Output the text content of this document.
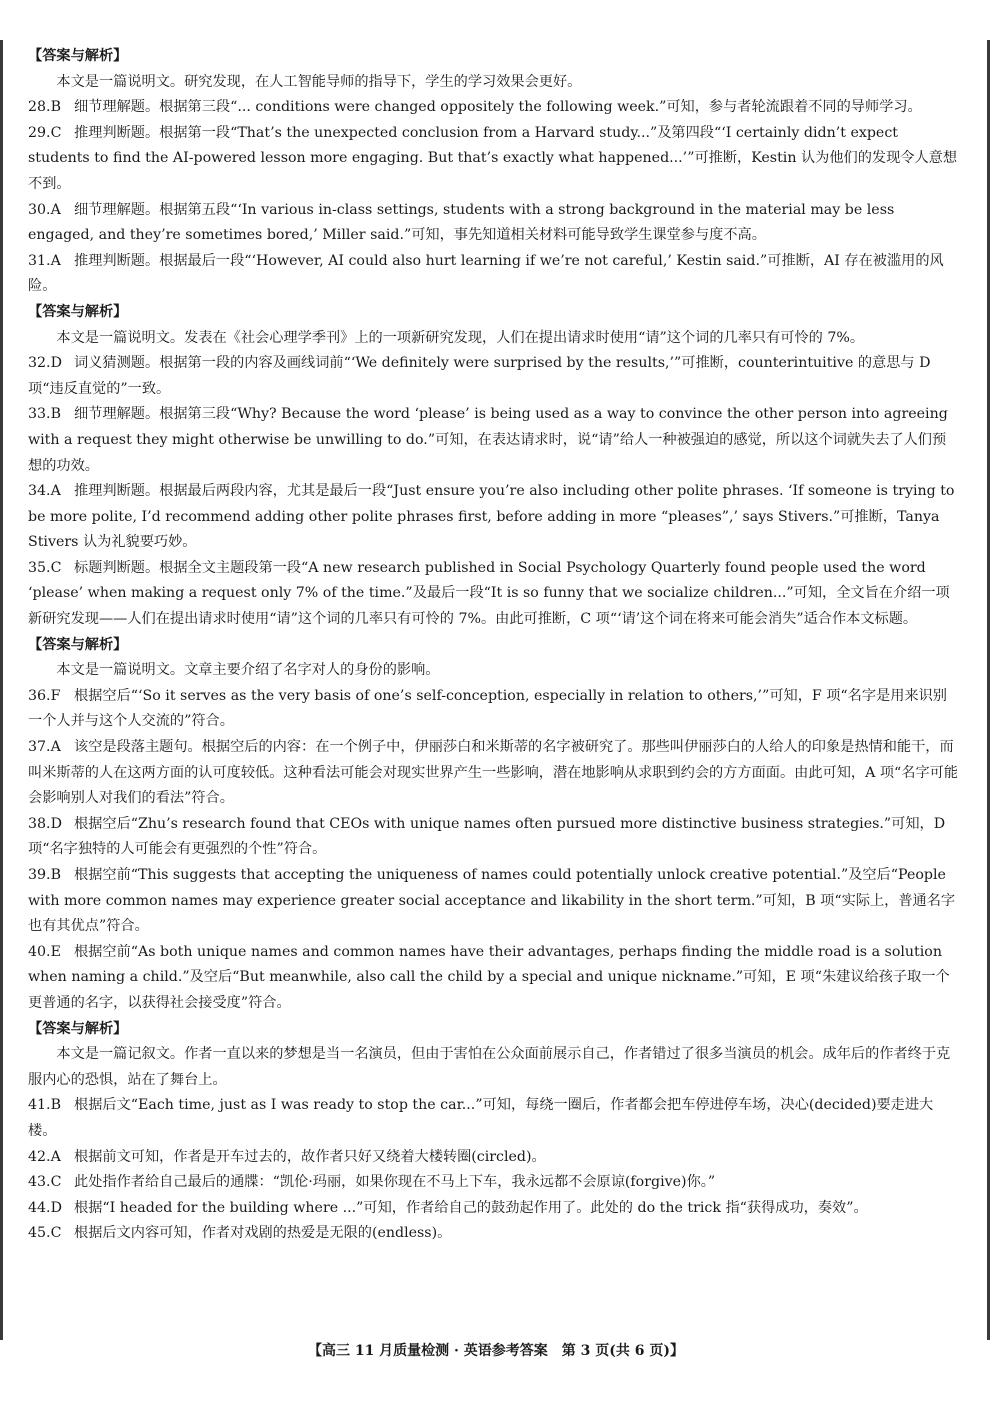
【答案与解析】

本文是一篇说明文。研究发现，在人工智能导师的指导下，学生的学习效果会更好。

28.B 细节理解题。根据第三段“... conditions were changed oppositely the following week.”可知，参与者轮流跟着不同的导师学习。

29.C 推理判断题。根据第一段“That’s the unexpected conclusion from a Harvard study...”及第四段“‘I certainly didn’t expect students to find the AI-powered lesson more engaging. But that’s exactly what happened...’”可推断，Kestin 认为他们的发现令人意想不到。

30.A 细节理解题。根据第五段“‘In various in-class settings, students with a strong background in the material may be less engaged, and they’re sometimes bored,’ Miller said.”可知，事先知道相关材料可能导致学生课堂参与度不高。

31.A 推理判断题。根据最后一段“‘However, AI could also hurt learning if we’re not careful,’ Kestin said.”可推断，AI 存在被滥用的风险。

【答案与解析】

本文是一篇说明文。发表在《社会心理学季刊》上的一项新研究发现，人们在提出请求时使用“请”这个词的几率只有可怜的 7%。

32.D 词义猜测题。根据第一段的内容及画线词前“‘We definitely were surprised by the results,’”可推断，counterintuitive 的意思与 D 项“违反直觉的”一致。

33.B 细节理解题。根据第三段“Why? Because the word ‘please’ is being used as a way to convince the other person into agreeing with a request they might otherwise be unwilling to do.”可知，在表达请求时，说“请”给人一种被强迫的感觉，所以这个词就失去了人们预想的功效。

34.A 推理判断题。根据最后两段内容，尤其是最后一段“Just ensure you’re also including other polite phrases. ‘If someone is trying to be more polite, I’d recommend adding other polite phrases first, before adding in more “pleases”,’ says Stivers.”可推断，Tanya Stivers 认为礼貌要巧妙。

35.C 标题判断题。根据全文主题段第一段“A new research published in Social Psychology Quarterly found people used the word ‘please’ when making a request only 7% of the time.”及最后一段“It is so funny that we socialize children...”可知，全文旨在介绍一项新研究发现——人们在提出请求时使用“请”这个词的几率只有可怜的 7%。由此可推断，C 项“‘请’这个词在将来可能会消失”适合作本文标题。

【答案与解析】

本文是一篇说明文。文章主要介绍了名字对人的身份的影响。

36.F 根据空后“‘So it serves as the very basis of one’s self-conception, especially in relation to others,’”可知，F 项“名字是用来识别一个人并与这个人交流的”符合。

37.A 该空是段落主题句。根据空后的内容：在一个例子中，伊丽莎白和米斯蒂的名字被研究了。那些叫伊丽莎白的人给人的印象是热情和能干，而叫米斯蒂的人在这两方面的认可度较低。这种看法可能会对现实世界产生一些影响，潜在地影响从求职到约会的方方面面。由此可知，A 项“名字可能会影响别人对我们的看法”符合。

38.D 根据空后“Zhu’s research found that CEOs with unique names often pursued more distinctive business strategies.”可知，D 项“名字独特的人可能会有更强烈的个性”符合。

39.B 根据空前“This suggests that accepting the uniqueness of names could potentially unlock creative potential.”及空后“People with more common names may experience greater social acceptance and likability in the short term.”可知，B 项“实际上，普通名字也有其优点”符合。

40.E 根据空前“As both unique names and common names have their advantages, perhaps finding the middle road is a solution when naming a child.”及空后“But meanwhile, also call the child by a special and unique nickname.”可知，E 项“朱建议给孩子取一个更普通的名字，以获得社会接受度”符合。

【答案与解析】

本文是一篇记叙文。作者一直以来的梦想是当一名演员，但由于害怕在公众面前展示自己，作者错过了很多当演员的机会。成年后的作者终于克服内心的恐惧，站在了舞台上。

41.B 根据后文“Each time, just as I was ready to stop the car...”可知，每绕一圈后，作者都会把车停进停车场，决心(decided)要走进大楼。

42.A 根据前文可知，作者是开车过去的，故作者只好又绕着大楼转圈(circled)。

43.C 此处指作者给自己最后的通牒：“凯伦·玛丽，如果你现在不马上下车，我永远都不会原谅(forgive)你。”

44.D 根据“I headed for the building where ...”可知，作者给自己的鼓劲起作用了。此处的 do the trick 指“获得成功，奏效”。

45.C 根据后文内容可知，作者对戏剧的热爱是无限的(endless)。

【高三 11 月质量检测 · 英语参考答案　第 3 页(共 6 页)】
